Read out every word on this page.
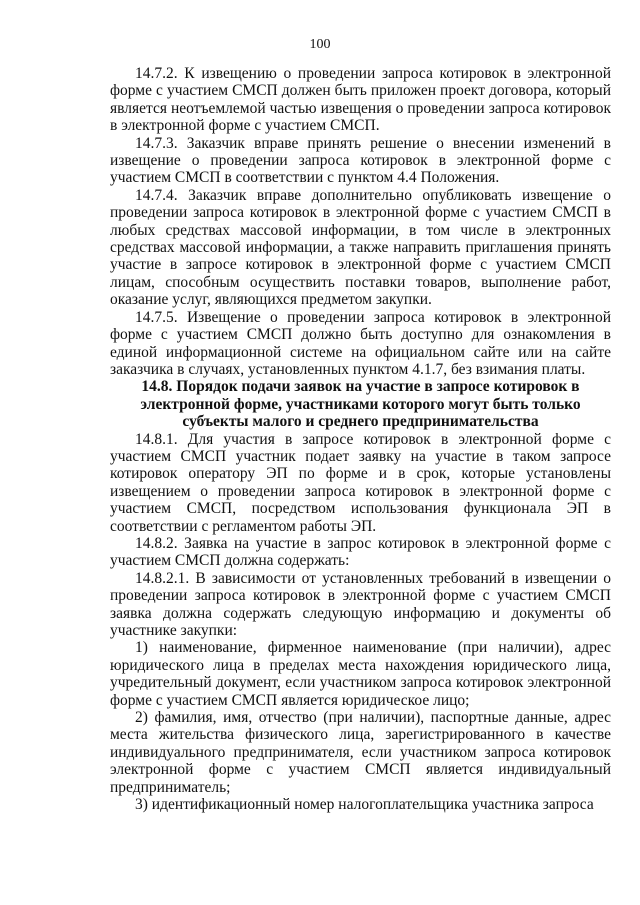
100

14.7.2. К извещению о проведении запроса котировок в электронной форме с участием СМСП должен быть приложен проект договора, который является неотъемлемой частью извещения о проведении запроса котировок в электронной форме с участием СМСП.

14.7.3. Заказчик вправе принять решение о внесении изменений в извещение о проведении запроса котировок в электронной форме с участием СМСП в соответствии с пунктом 4.4 Положения.

14.7.4. Заказчик вправе дополнительно опубликовать извещение о проведении запроса котировок в электронной форме с участием СМСП в любых средствах массовой информации, в том числе в электронных средствах массовой информации, а также направить приглашения принять участие в запросе котировок в электронной форме с участием СМСП лицам, способным осуществить поставки товаров, выполнение работ, оказание услуг, являющихся предметом закупки.

14.7.5. Извещение о проведении запроса котировок в электронной форме с участием СМСП должно быть доступно для ознакомления в единой информационной системе на официальном сайте или на сайте заказчика в случаях, установленных пунктом 4.1.7, без взимания платы.

14.8. Порядок подачи заявок на участие в запросе котировок в электронной форме, участниками которого могут быть только субъекты малого и среднего предпринимательства

14.8.1. Для участия в запросе котировок в электронной форме с участием СМСП участник подает заявку на участие в таком запросе котировок оператору ЭП по форме и в срок, которые установлены извещением о проведении запроса котировок в электронной форме с участием СМСП, посредством использования функционала ЭП в соответствии с регламентом работы ЭП.

14.8.2. Заявка на участие в запрос котировок в электронной форме с участием СМСП должна содержать:

14.8.2.1. В зависимости от установленных требований в извещении о проведении запроса котировок в электронной форме с участием СМСП заявка должна содержать следующую информацию и документы об участнике закупки:

1) наименование, фирменное наименование (при наличии), адрес юридического лица в пределах места нахождения юридического лица, учредительный документ, если участником запроса котировок электронной форме с участием СМСП является юридическое лицо;

2) фамилия, имя, отчество (при наличии), паспортные данные, адрес места жительства физического лица, зарегистрированного в качестве индивидуального предпринимателя, если участником запроса котировок электронной форме с участием СМСП является индивидуальный предприниматель;

3) идентификационный номер налогоплательщика участника запроса
